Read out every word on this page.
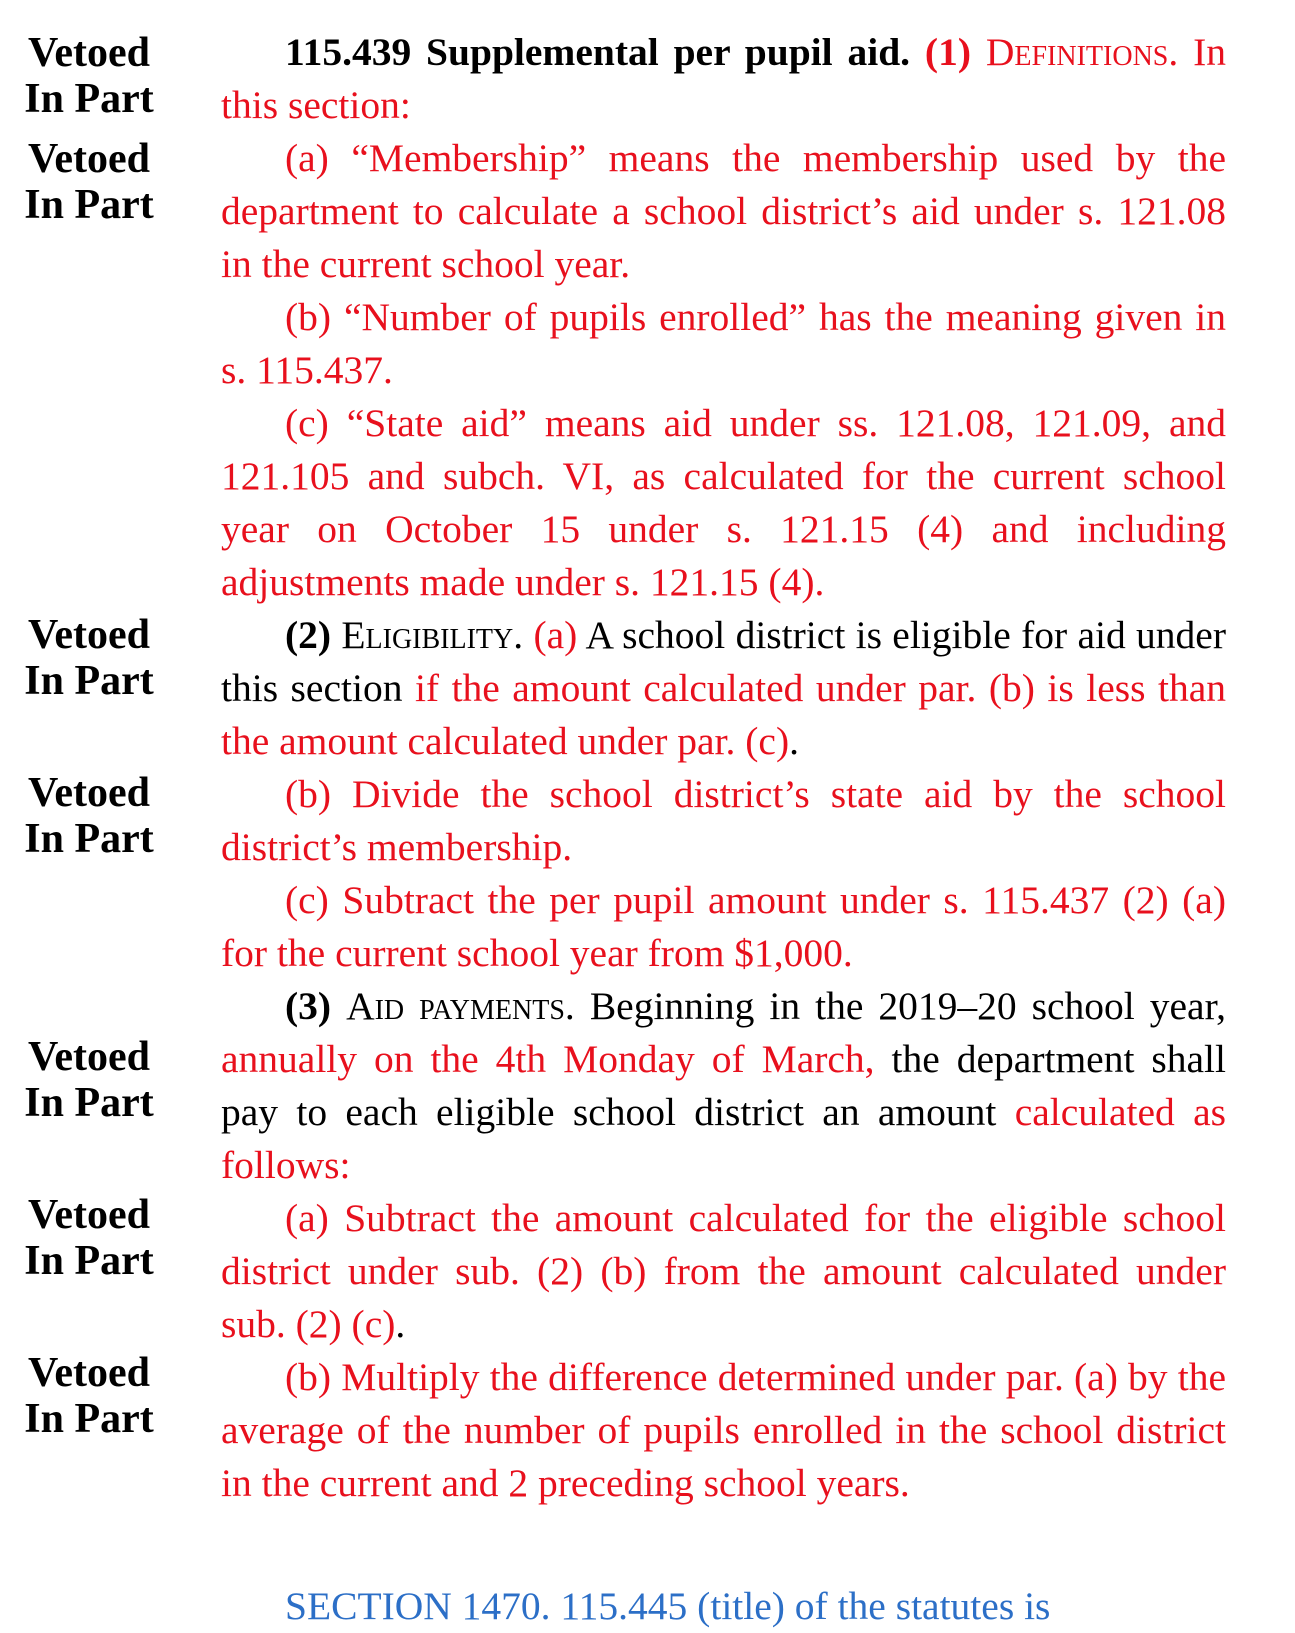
Vetoed
In Part
Vetoed
In Part
Vetoed
In Part
Vetoed
In Part
Vetoed
In Part
Vetoed
In Part
Vetoed
In Part

115.439 Supplemental per pupil aid. (1) Definitions. In this section:

(a) “Membership” means the membership used by the department to calculate a school district’s aid under s. 121.08 in the current school year.

(b) “Number of pupils enrolled” has the meaning given in s. 115.437.

(c) “State aid” means aid under ss. 121.08, 121.09, and 121.105 and subch. VI, as calculated for the current school year on October 15 under s. 121.15 (4) and including adjustments made under s. 121.15 (4).

(2) Eligibility. (a) A school district is eligible for aid under this section if the amount calculated under par. (b) is less than the amount calculated under par. (c).

(b) Divide the school district’s state aid by the school district’s membership.

(c) Subtract the per pupil amount under s. 115.437 (2) (a) for the current school year from $1,000.

(3) Aid payments. Beginning in the 2019–20 school year, annually on the 4th Monday of March, the department shall pay to each eligible school district an amount calculated as follows:

(a) Subtract the amount calculated for the eligible school district under sub. (2) (b) from the amount calculated under sub. (2) (c).

(b) Multiply the difference determined under par. (a) by the average of the number of pupils enrolled in the school district in the current and 2 preceding school years.

SECTION 1470. 115.445 (title) of the statutes is
